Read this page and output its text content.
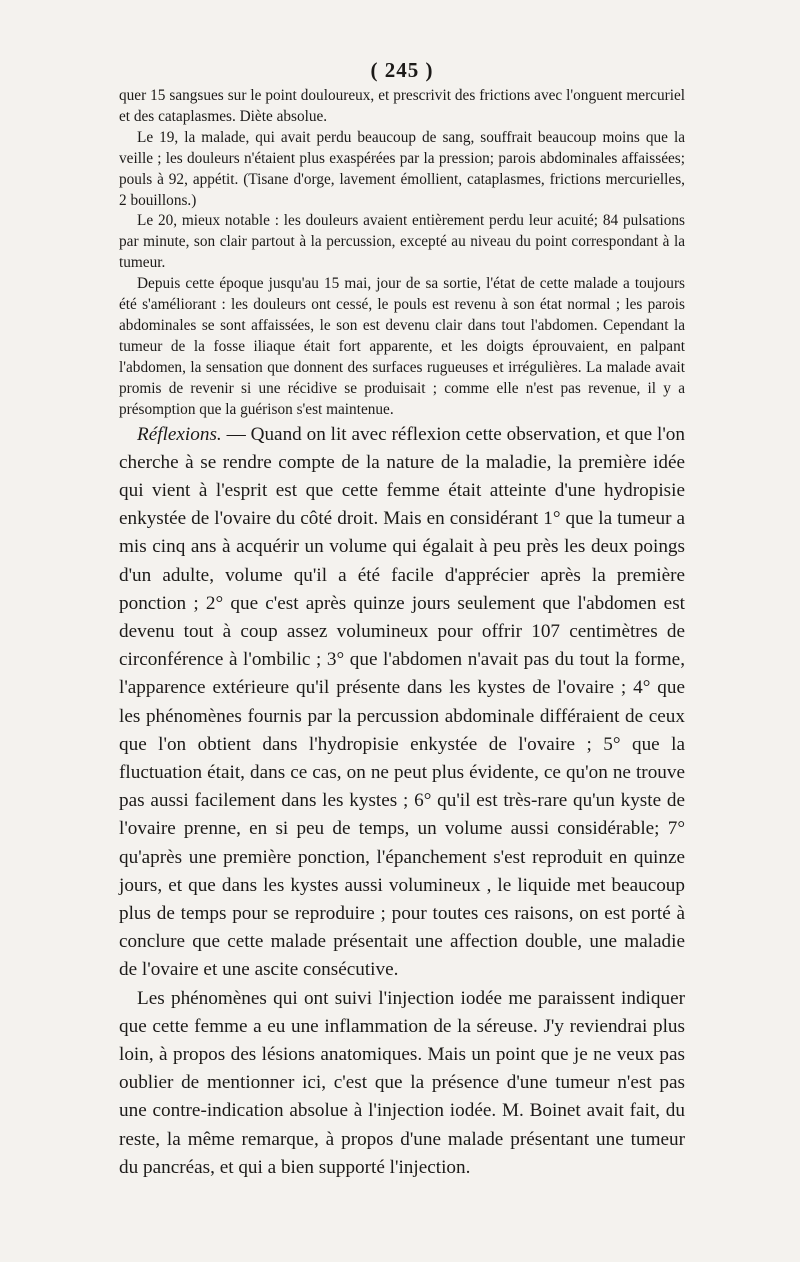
( 245 )

quer 15 sangsues sur le point douloureux, et prescrivit des frictions avec l'onguent mercuriel et des cataplasmes. Diète absolue.

Le 19, la malade, qui avait perdu beaucoup de sang, souffrait beaucoup moins que la veille ; les douleurs n'étaient plus exaspérées par la pression; parois abdominales affaissées; pouls à 92, appétit. (Tisane d'orge, lavement émollient, cataplasmes, frictions mercurielles, 2 bouillons.)

Le 20, mieux notable : les douleurs avaient entièrement perdu leur acuité; 84 pulsations par minute, son clair partout à la percussion, excepté au niveau du point correspondant à la tumeur.

Depuis cette époque jusqu'au 15 mai, jour de sa sortie, l'état de cette malade a toujours été s'améliorant : les douleurs ont cessé, le pouls est revenu à son état normal ; les parois abdominales se sont affaissées, le son est devenu clair dans tout l'abdomen. Cependant la tumeur de la fosse iliaque était fort apparente, et les doigts éprouvaient, en palpant l'abdomen, la sensation que donnent des surfaces rugueuses et irrégulières. La malade avait promis de revenir si une récidive se produisait ; comme elle n'est pas revenue, il y a présomption que la guérison s'est maintenue.

Réflexions. — Quand on lit avec réflexion cette observation, et que l'on cherche à se rendre compte de la nature de la maladie, la première idée qui vient à l'esprit est que cette femme était atteinte d'une hydropisie enkystée de l'ovaire du côté droit. Mais en considérant 1° que la tumeur a mis cinq ans à acquérir un volume qui égalait à peu près les deux poings d'un adulte, volume qu'il a été facile d'apprécier après la première ponction ; 2° que c'est après quinze jours seulement que l'abdomen est devenu tout à coup assez volumineux pour offrir 107 centimètres de circonférence à l'ombilic ; 3° que l'abdomen n'avait pas du tout la forme, l'apparence extérieure qu'il présente dans les kystes de l'ovaire ; 4° que les phénomènes fournis par la percussion abdominale différaient de ceux que l'on obtient dans l'hydropisie enkystée de l'ovaire ; 5° que la fluctuation était, dans ce cas, on ne peut plus évidente, ce qu'on ne trouve pas aussi facilement dans les kystes ; 6° qu'il est très-rare qu'un kyste de l'ovaire prenne, en si peu de temps, un volume aussi considérable; 7° qu'après une première ponction, l'épanchement s'est reproduit en quinze jours, et que dans les kystes aussi volumineux , le liquide met beaucoup plus de temps pour se reproduire ; pour toutes ces raisons, on est porté à conclure que cette malade présentait une affection double, une maladie de l'ovaire et une ascite consécutive.

Les phénomènes qui ont suivi l'injection iodée me paraissent indiquer que cette femme a eu une inflammation de la séreuse. J'y reviendrai plus loin, à propos des lésions anatomiques. Mais un point que je ne veux pas oublier de mentionner ici, c'est que la présence d'une tumeur n'est pas une contre-indication absolue à l'injection iodée. M. Boinet avait fait, du reste, la même remarque, à propos d'une malade présentant une tumeur du pancréas, et qui a bien supporté l'injection.
